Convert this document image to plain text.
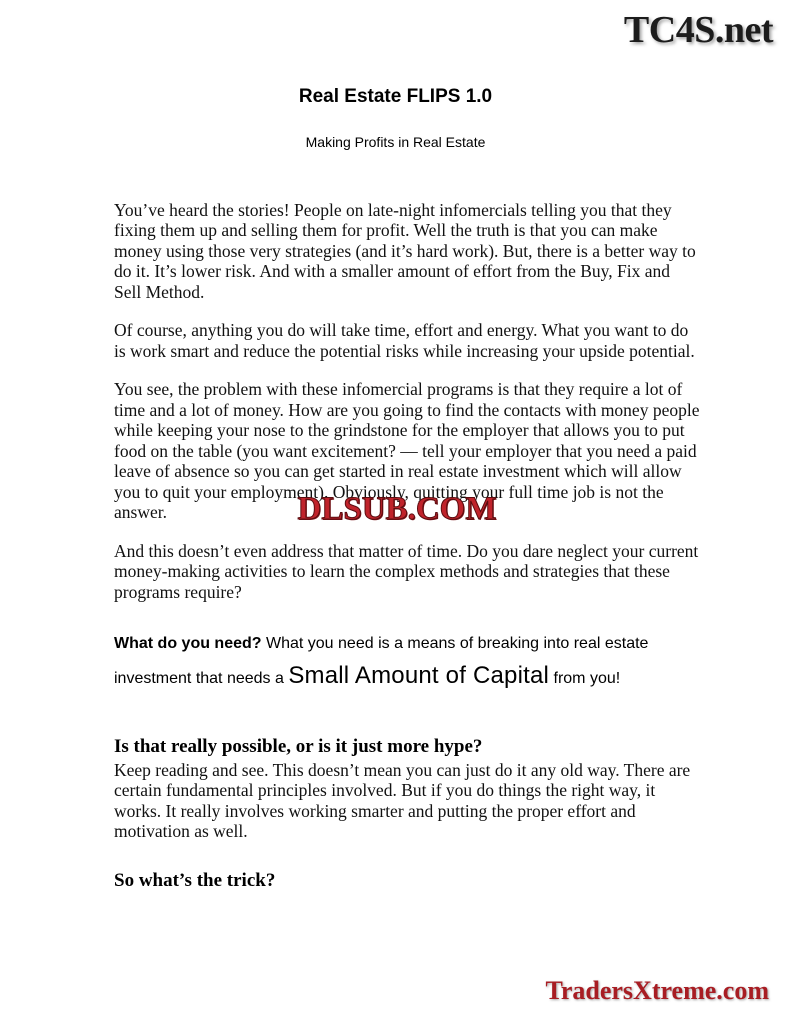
TC4S.net
Real Estate FLIPS 1.0
Making Profits in Real Estate

You’ve heard the stories! People on late-night infomercials telling you that they fixing them up and selling them for profit. Well the truth is that you can make money using those very strategies (and it’s hard work). But, there is a better way to do it. It’s lower risk. And with a smaller amount of effort from the Buy, Fix and Sell Method.

Of course, anything you do will take time, effort and energy. What you want to do is work smart and reduce the potential risks while increasing your upside potential.

You see, the problem with these infomercial programs is that they require a lot of time and a lot of money. How are you going to find the contacts with money people while keeping your nose to the grindstone for the employer that allows you to put food on the table (you want excitement? — tell your employer that you need a paid leave of absence so you can get started in real estate investment which will allow you to quit your employment). Obviously, quitting your full time job is not the answer.

And this doesn’t even address that matter of time. Do you dare neglect your current money-making activities to learn the complex methods and strategies that these programs require?

What do you need? What you need is a means of breaking into real estate investment that needs a Small Amount of Capital from you!
Is that really possible, or is it just more hype?

Keep reading and see. This doesn’t mean you can just do it any old way. There are certain fundamental principles involved. But if you do things the right way, it works. It really involves working smarter and putting the proper effort and motivation as well.

So what’s the trick?
DLSUB.COM
TradersXtreme.com
